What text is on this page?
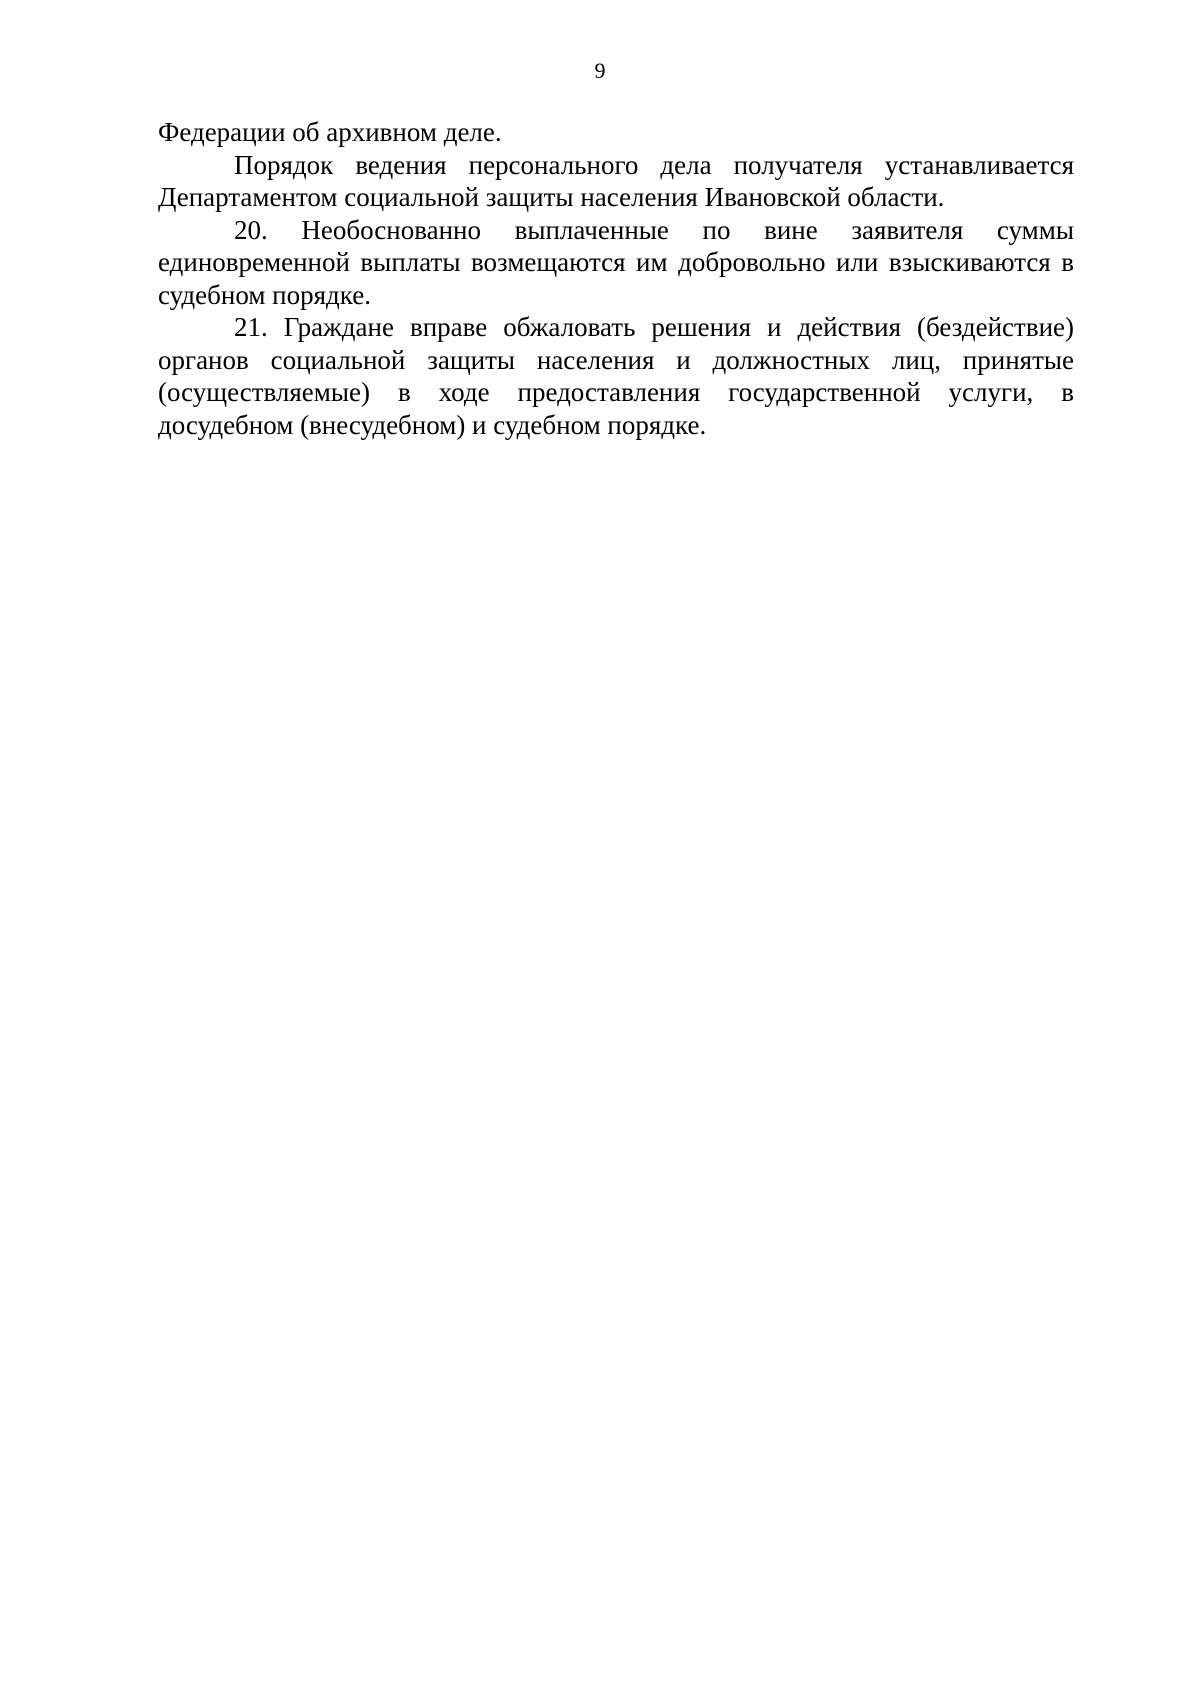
9

Федерации об архивном деле.

Порядок ведения персонального дела получателя устанавливается Департаментом социальной защиты населения Ивановской области.

20. Необоснованно выплаченные по вине заявителя суммы единовременной выплаты возмещаются им добровольно или взыскиваются в судебном порядке.

21. Граждане вправе обжаловать решения и действия (бездействие) органов социальной защиты населения и должностных лиц, принятые (осуществляемые) в ходе предоставления государственной услуги, в досудебном (внесудебном) и судебном порядке.
